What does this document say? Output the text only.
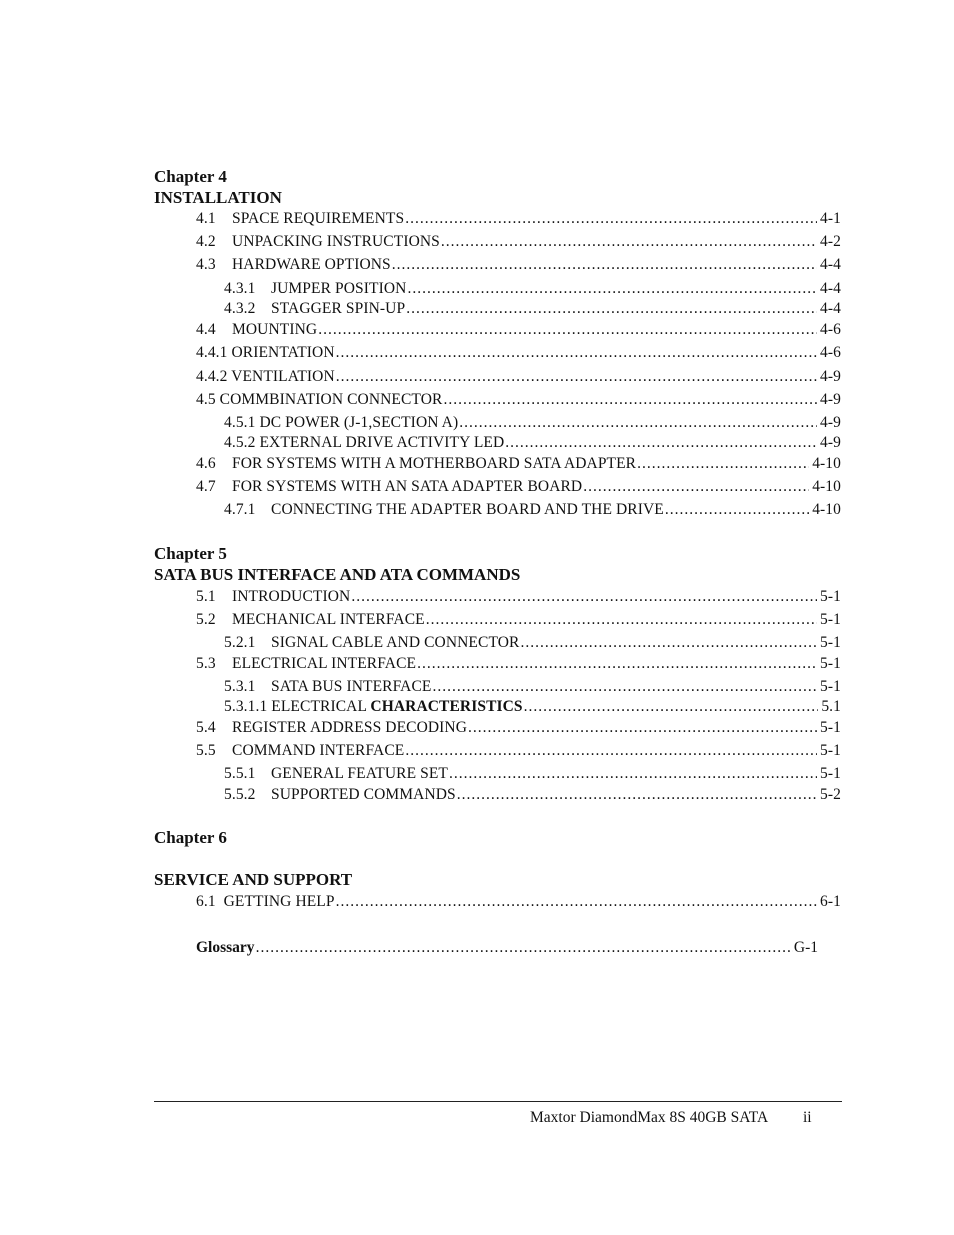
Chapter 4
INSTALLATION
4.1 SPACE REQUIREMENTS .....	4-1
4.2 UNPACKING INSTRUCTIONS .....	4-2
4.3 HARDWARE OPTIONS .....	4-4
4.3.1 JUMPER POSITION .....	4-4
4.3.2 STAGGER SPIN-UP .....	4-4
4.4 MOUNTING .....	4-6
4.4.1 ORIENTATION .....	4-6
4.4.2 VENTILATION .....	4-9
4.5 COMMBINATION CONNECTOR .....	4-9
4.5.1 DC POWER (J-1,SECTION A) .....	4-9
4.5.2 EXTERNAL DRIVE ACTIVITY LED .....	4-9
4.6 FOR SYSTEMS WITH A MOTHERBOARD SATA ADAPTER .....	4-10
4.7 FOR SYSTEMS WITH AN SATA ADAPTER BOARD .....	4-10
4.7.1 CONNECTING THE ADAPTER BOARD AND THE DRIVE .....	4-10
Chapter 5
SATA BUS INTERFACE AND ATA COMMANDS
5.1 INTRODUCTION .....	5-1
5.2 MECHANICAL INTERFACE .....	5-1
5.2.1 SIGNAL CABLE AND CONNECTOR .....	5-1
5.3 ELECTRICAL INTERFACE .....	5-1
5.3.1 SATA BUS INTERFACE .....	5-1
5.3.1.1 ELECTRICAL CHARACTERISTICS .....	5.1
5.4 REGISTER ADDRESS DECODING .....	5-1
5.5 COMMAND INTERFACE .....	5-1
5.5.1 GENERAL FEATURE SET .....	5-1
5.5.2 SUPPORTED COMMANDS .....	5-2
Chapter 6
SERVICE AND SUPPORT
6.1  GETTING HELP .....	6-1
Glossary .....	G-1
Maxtor DiamondMax 8S 40GB SATA ii
